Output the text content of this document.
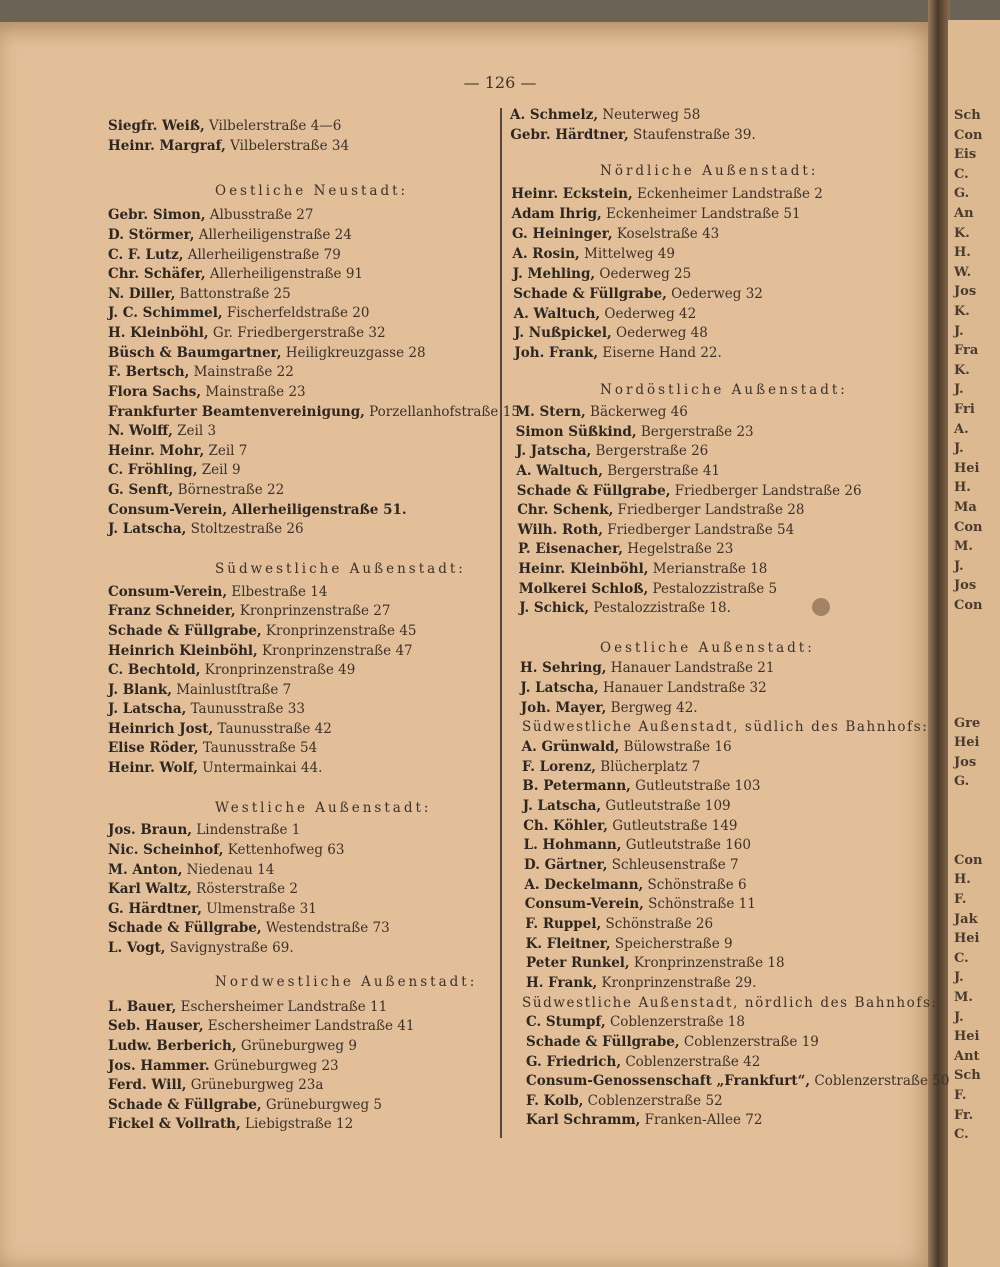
Sch
Con
Eis
C.
G.
An
K.
H.
W.
Jos
K.
J.
Fra
K.
J.
Fri
A.
J.
Hei
H.
Ma
Con
M.
J.
Jos
Con
Gre
Hei
Jos
G.
Con
H.
F.
Jak
Hei
C.
J.
M.
J.
Hei
Ant
Sch
F.
Fr.
C.
— 126 —
Siegfr. Weiß, Vilbelerstraße 4—6
Heinr. Margraf, Vilbelerstraße 34
Oestliche Neustadt:
Gebr. Simon, Albusstraße 27
D. Störmer, Allerheiligenstraße 24
C. F. Lutz, Allerheiligenstraße 79
Chr. Schäfer, Allerheiligenstraße 91
N. Diller, Battonstraße 25
J. C. Schimmel, Fischerfeldstraße 20
H. Kleinböhl, Gr. Friedbergerstraße 32
Büsch & Baumgartner, Heiligkreuzgasse 28
F. Bertsch, Mainstraße 22
Flora Sachs, Mainstraße 23
Frankfurter Beamtenvereinigung, Porzellanhofstraße 15
N. Wolff, Zeil 3
Heinr. Mohr, Zeil 7
C. Fröhling, Zeil 9
G. Senft, Börnestraße 22
Consum-Verein, Allerheiligenstraße 51.
J. Latscha, Stoltzestraße 26
Südwestliche Außenstadt:
Consum-Verein, Elbestraße 14
Franz Schneider, Kronprinzenstraße 27
Schade & Füllgrabe, Kronprinzenstraße 45
Heinrich Kleinböhl, Kronprinzenstraße 47
C. Bechtold, Kronprinzenstraße 49
J. Blank, Mainlustſtraße 7
J. Latscha, Taunusstraße 33
Heinrich Jost, Taunusstraße 42
Elise Röder, Taunusstraße 54
Heinr. Wolf, Untermainkai 44.
Westliche Außenstadt:
Jos. Braun, Lindenstraße 1
Nic. Scheinhof, Kettenhofweg 63
M. Anton, Niedenau 14
Karl Waltz, Rösterstraße 2
G. Härdtner, Ulmenstraße 31
Schade & Füllgrabe, Westendstraße 73
L. Vogt, Savignystraße 69.
Nordwestliche Außenstadt:
L. Bauer, Eschersheimer Landstraße 11
Seb. Hauser, Eschersheimer Landstraße 41
Ludw. Berberich, Grüneburgweg 9
Jos. Hammer. Grüneburgweg 23
Ferd. Will, Grüneburgweg 23a
Schade & Füllgrabe, Grüneburgweg 5
Fickel & Vollrath, Liebigstraße 12
A. Schmelz, Neuterweg 58
Gebr. Härdtner, Staufenstraße 39.
Nördliche Außenstadt:
Heinr. Eckstein, Eckenheimer Landstraße 2
Adam Ihrig, Eckenheimer Landstraße 51
G. Heininger, Koselstraße 43
A. Rosin, Mittelweg 49
J. Mehling, Oederweg 25
Schade & Füllgrabe, Oederweg 32
A. Waltuch, Oederweg 42
J. Nußpickel, Oederweg 48
Joh. Frank, Eiserne Hand 22.
Nordöstliche Außenstadt:
M. Stern, Bäckerweg 46
Simon Süßkind, Bergerstraße 23
J. Jatscha, Bergerstraße 26
A. Waltuch, Bergerstraße 41
Schade & Füllgrabe, Friedberger Landstraße 26
Chr. Schenk, Friedberger Landstraße 28
Wilh. Roth, Friedberger Landstraße 54
P. Eisenacher, Hegelstraße 23
Heinr. Kleinböhl, Merianstraße 18
Molkerei Schloß, Pestalozzistraße 5
J. Schick, Pestalozzistraße 18.
Oestliche Außenstadt:
H. Sehring, Hanauer Landstraße 21
J. Latscha, Hanauer Landstraße 32
Joh. Mayer, Bergweg 42.
Südwestliche Außenstadt, südlich des Bahnhofs:
A. Grünwald, Bülowstraße 16
F. Lorenz, Blücherplatz 7
B. Petermann, Gutleutstraße 103
J. Latscha, Gutleutstraße 109
Ch. Köhler, Gutleutstraße 149
L. Hohmann, Gutleutstraße 160
D. Gärtner, Schleusenstraße 7
A. Deckelmann, Schönstraße 6
Consum-Verein, Schönstraße 11
F. Ruppel, Schönstraße 26
K. Fleitner, Speicherstraße 9
Peter Runkel, Kronprinzenstraße 18
H. Frank, Kronprinzenstraße 29.
Südwestliche Außenstadt, nördlich des Bahnhofs:
C. Stumpf, Coblenzerstraße 18
Schade & Füllgrabe, Coblenzerstraße 19
G. Friedrich, Coblenzerstraße 42
Consum-Genossenschaft „Frankfurt“, Coblenzerstraße 50
F. Kolb, Coblenzerstraße 52
Karl Schramm, Franken-Allee 72
